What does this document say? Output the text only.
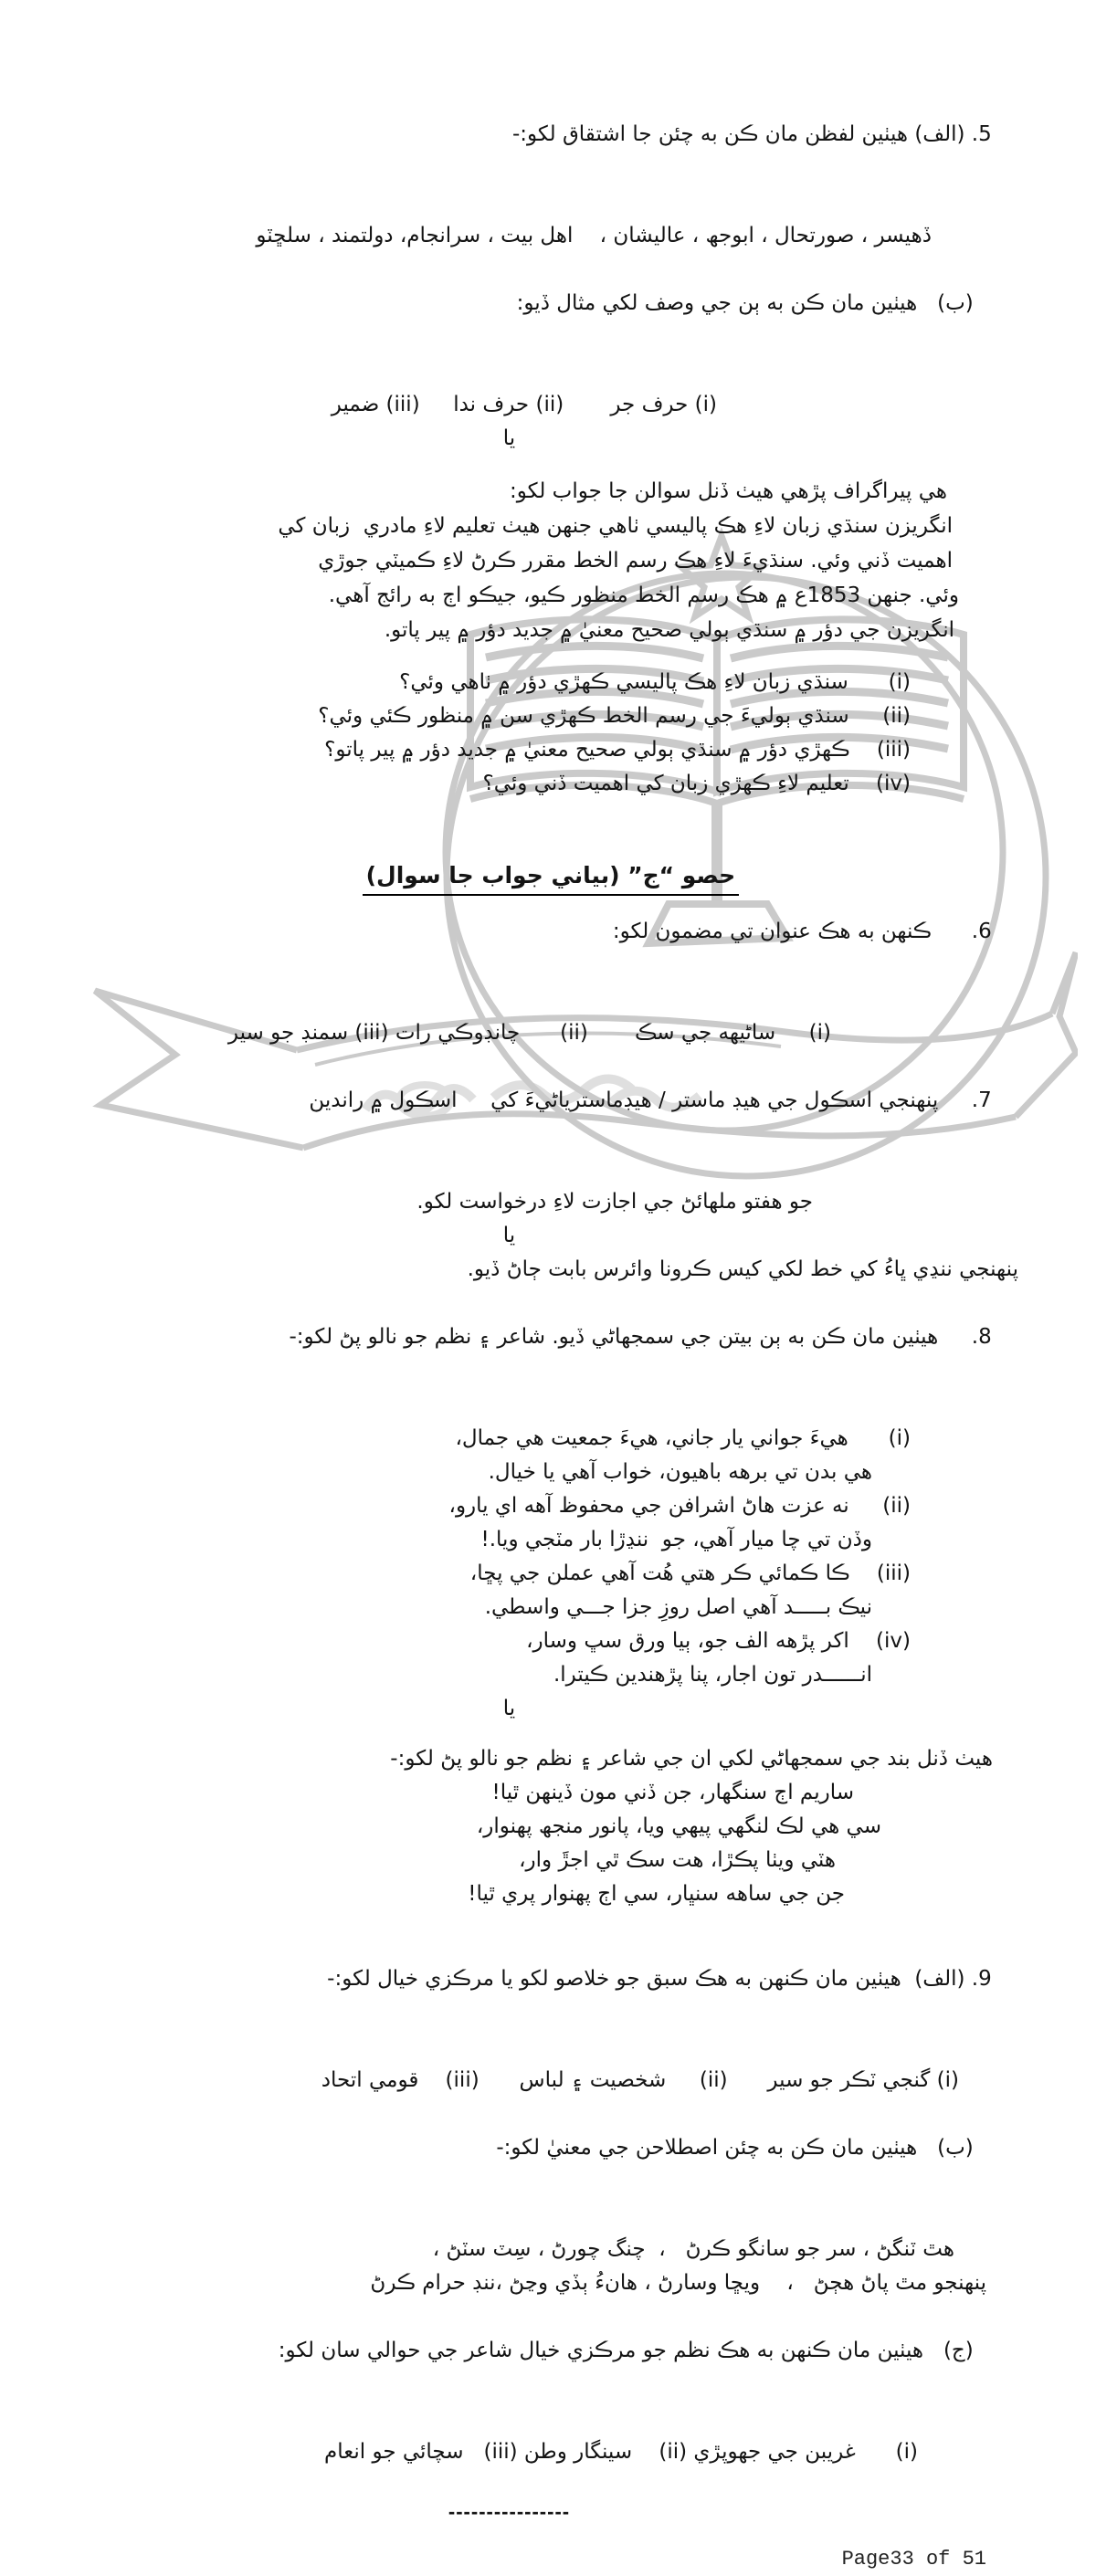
5. (الف) هيٺين لفظن مان ڪن به چئن جا اشتقاق لکو:-

ڏهيسر ، صورتحال ، ابوجھ ، عاليشان ،    اهل بيت ، سرانجام، دولتمند ، سلڇٽو

(ب)   هيٺين مان ڪن به ٻن جي وصف لکي مثال ڏيو:

(i) حرف جر       (ii) حرف ندا     (iii) ضمير
يا
هي پيراگراف پڙهي هيٺ ڏنل سوالن جا جواب لکو:
انگريزن سنڌي زبان لاءِ هڪ پاليسي ٺاهي جنهن هيٺ تعليم لاءِ مادري  زبان کي
اهميت ڏني وئي. سنڌيءَ لاءِ هڪ رسم الخط مقرر ڪرڻ لاءِ ڪميٽي جوڙي
وئي. جنهن 1853ع ۾ هڪ رسم الخط منظور ڪيو، جيڪو اڄ به رائج آهي.
انگريزن جي دؤر ۾ سنڌي ٻولي صحيح معنيٰ ۾ جديد دؤر ۾ پير پاتو.
(i)      سنڌي زبان لاءِ هڪ پاليسي ڪهڙي دؤر ۾ ٺاهي وئي؟
(ii)     سنڌي ٻوليءَ جي رسم الخط ڪهڙي سن ۾ منظور ڪئي وئي؟
(iii)    ڪهڙي دؤر ۾ سنڌي ٻولي صحيح معنيٰ ۾ جديد دؤر ۾ پير پاتو؟
(iv)    تعليم لاءِ ڪهڙي زبان کي اهميت ڏني وئي؟

حصو “ج” (بياني جواب جا سوال)

6.      ڪنهن به هڪ عنوان تي مضمون لکو:

(i)     ساڻيهه جي سڪ       (ii)      چانڊوڪي رات (iii) سمنڊ جو سير

7.     پنهنجي اسڪول جي هيڊ ماستر / هيڊماسترياڻيءَ کي     اسڪول ۾ راندين

جو هفتو ملهائڻ جي اجازت لاءِ درخواست لکو.
يا
پنهنجي ننڍي ڀاءُ کي خط لکي کيس ڪرونا وائرس بابت ڄاڻ ڏيو.

8.     هيٺين مان ڪن به ٻن بيتن جي سمجهاڻي ڏيو. شاعر ۽ نظم جو نالو پڻ لکو:-

(i)      هيءَ جواني يار جاني، هيءَ جمعيت هي جمال،
هي بدن تي برهه باهيون، خواب آهي يا خيال.
(ii)     نه عزت هاڻ اشرافن جي محفوظ آهه اي يارو،
وڏن تي چا ميار آهي، جو  ننڍڙا بار مٽجي ويا.!
(iii)    ڪا ڪمائي ڪر هتي هُت آهي عملن جي پڇا،
نيڪ بـــــد آهي اصل روزِ جزا جـــي واسطي.
(iv)    اکر پڙهه الف جو، ٻيا ورق سڀ وسار،
انــــــدر تون اجار، پنا پڙهندين ڪيترا.
يا
هيٺ ڏنل بند جي سمجهاڻي لکي ان جي شاعر ۽ نظم جو نالو پڻ لکو:-
ساريم اڄ سنگهار، جن ڏني مون ڏينهن ٿيا!
سي هي لڪ لنگهي پيهي ويا، پانور منجھ پهنوار،
هٽي ويٺا پڪڙا، هت سڪ ٿي اجڙَ وار،
جن جي ساهه سنڀار، سي اڄ پهنوار پري ٿيا!

9. (الف)  هيٺين مان ڪنهن به هڪ سبق جو خلاصو لکو يا مرڪزي خيال لکو:-

(i) گنجي ٽڪر جو سير      (ii)     شخصيت ۽ لباس      (iii)    قومي اتحاد

(ب)   هيٺين مان ڪن به چئن اصطلاحن جي معنيٰ لکو:-

هٿ ٽنگڻ ، سر جو سانگو ڪرڻ   ،  چنگ چورڻ ، سِٽ سٽڻ ،
پنهنجو مٿ پاڻ هڄڻ   ،    ويڇا وسارڻ ، هانءُ ٻڏي وڃڻ ،ننڊ حرام ڪرڻ

(ج)   هيٺين مان ڪنهن به هڪ نظم جو مرڪزي خيال شاعر جي حوالي سان لکو:

(i)      غريبن جي جهوپڙي (ii)    سينگار وطن (iii)   سچائي جو انعام
----------------
Page33 of 51
